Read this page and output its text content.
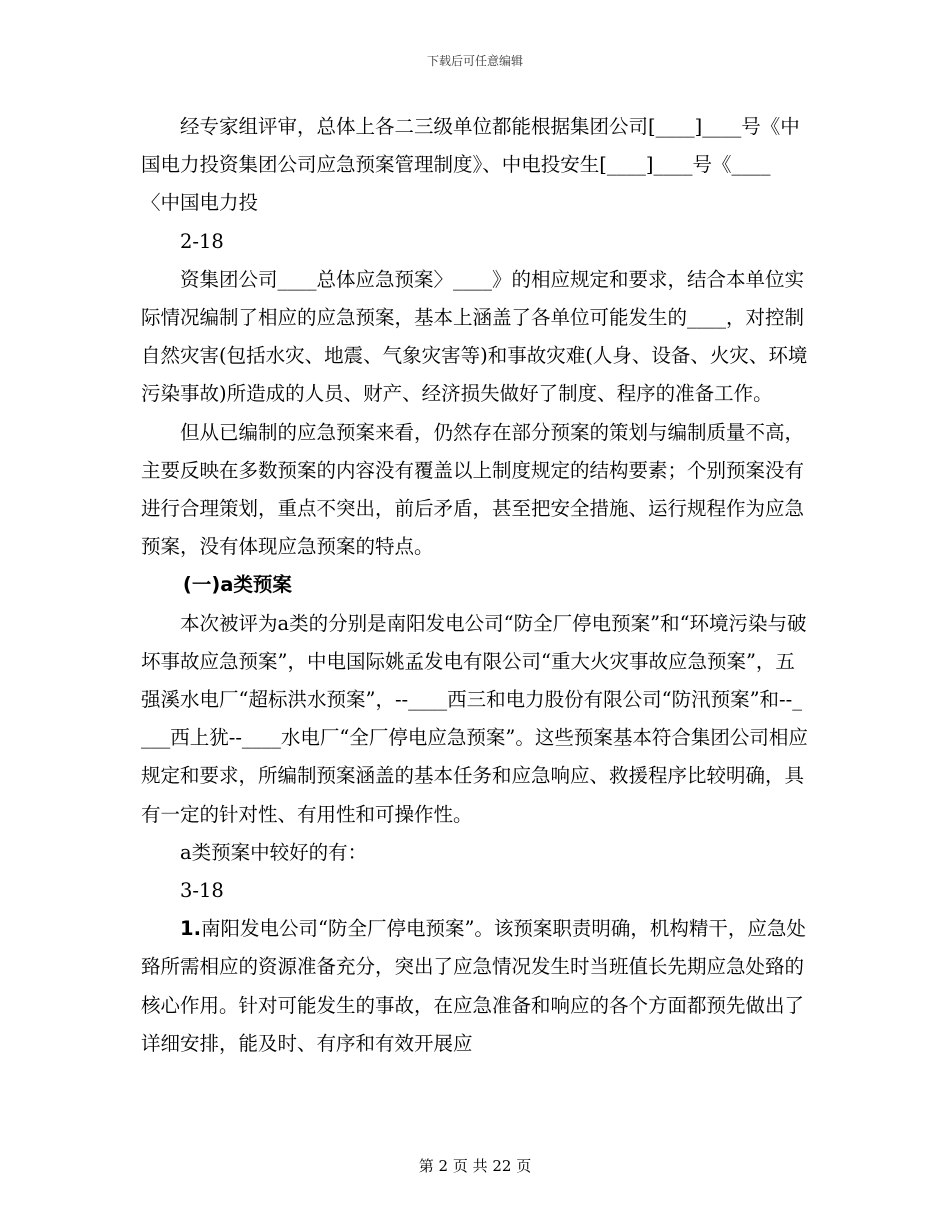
下载后可任意编辑

经专家组评审，总体上各二三级单位都能根据集团公司[____]____号《中国电力投资集团公司应急预案管理制度》、中电投安生[____]____号《____〈中国电力投

2-18

资集团公司____总体应急预案〉____》的相应规定和要求，结合本单位实际情况编制了相应的应急预案，基本上涵盖了各单位可能发生的____，对控制自然灾害(包括水灾、地震、气象灾害等)和事故灾难(人身、设备、火灾、环境污染事故)所造成的人员、财产、经济损失做好了制度、程序的准备工作。

但从已编制的应急预案来看，仍然存在部分预案的策划与编制质量不高，主要反映在多数预案的内容没有覆盖以上制度规定的结构要素；个别预案没有进行合理策划，重点不突出，前后矛盾，甚至把安全措施、运行规程作为应急预案，没有体现应急预案的特点。

(一)a类预案

本次被评为a类的分别是南阳发电公司“防全厂停电预案”和“环境污染与破坏事故应急预案”，中电国际姚孟发电有限公司“重大火灾事故应急预案”，五强溪水电厂“超标洪水预案”，--____西三和电力股份有限公司“防汛预案”和--____西上犹--____水电厂“全厂停电应急预案”。这些预案基本符合集团公司相应规定和要求，所编制预案涵盖的基本任务和应急响应、救援程序比较明确，具有一定的针对性、有用性和可操作性。

a类预案中较好的有：

3-18

1.南阳发电公司“防全厂停电预案”。该预案职责明确，机构精干，应急处臵所需相应的资源准备充分，突出了应急情况发生时当班值长先期应急处臵的核心作用。针对可能发生的事故，在应急准备和响应的各个方面都预先做出了详细安排，能及时、有序和有效开展应

第 2 页 共 22 页
